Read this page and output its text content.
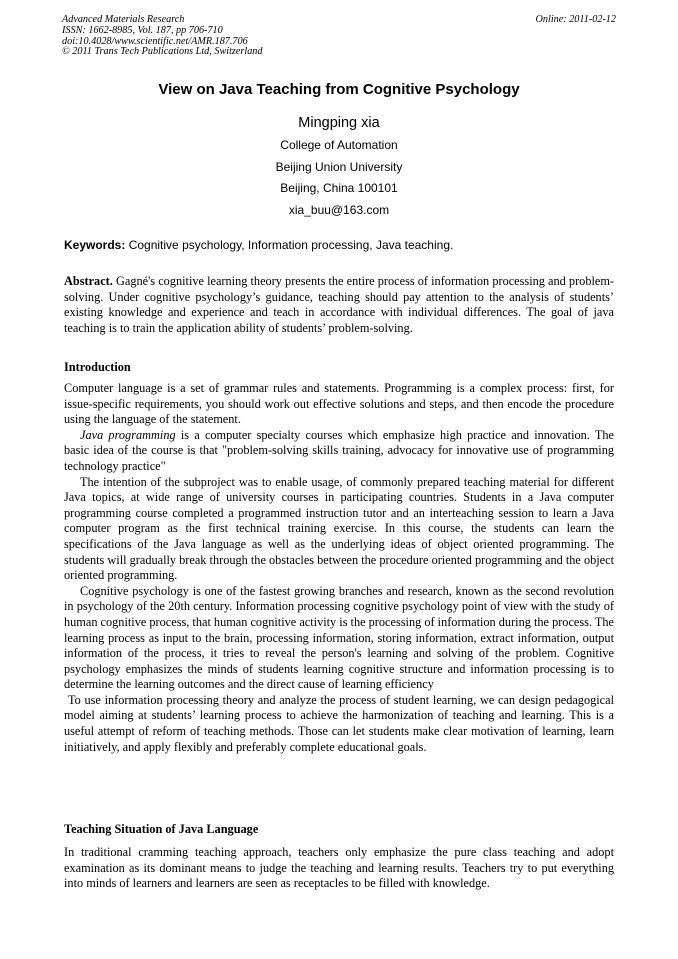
Advanced Materials Research
ISSN: 1662-8985, Vol. 187, pp 706-710
doi:10.4028/www.scientific.net/AMR.187.706
© 2011 Trans Tech Publications Ltd, Switzerland
Online: 2011-02-12
View on Java Teaching from Cognitive Psychology
Mingping xia
College of Automation
Beijing Union University
Beijing, China 100101
xia_buu@163.com
Keywords: Cognitive psychology, Information processing, Java teaching.

Abstract. Gagné's cognitive learning theory presents the entire process of information processing and problem-solving. Under cognitive psychology’s guidance, teaching should pay attention to the analysis of students’ existing knowledge and experience and teach in accordance with individual differences. The goal of java teaching is to train the application ability of students’ problem-solving.

Introduction

Computer language is a set of grammar rules and statements. Programming is a complex process: first, for issue-specific requirements, you should work out effective solutions and steps, and then encode the procedure using the language of the statement.

Java programming is a computer specialty courses which emphasize high practice and innovation. The basic idea of the course is that "problem-solving skills training, advocacy for innovative use of programming technology practice"

The intention of the subproject was to enable usage, of commonly prepared teaching material for different Java topics, at wide range of university courses in participating countries. Students in a Java computer programming course completed a programmed instruction tutor and an interteaching session to learn a Java computer program as the first technical training exercise. In this course, the students can learn the specifications of the Java language as well as the underlying ideas of object oriented programming. The students will gradually break through the obstacles between the procedure oriented programming and the object oriented programming.

Cognitive psychology is one of the fastest growing branches and research, known as the second revolution in psychology of the 20th century. Information processing cognitive psychology point of view with the study of human cognitive process, that human cognitive activity is the processing of information during the process. The learning process as input to the brain, processing information, storing information, extract information, output information of the process, it tries to reveal the person's learning and solving of the problem. Cognitive psychology emphasizes the minds of students learning cognitive structure and information processing is to determine the learning outcomes and the direct cause of learning efficiency

To use information processing theory and analyze the process of student learning, we can design pedagogical model aiming at students’ learning process to achieve the harmonization of teaching and learning. This is a useful attempt of reform of teaching methods. Those can let students make clear motivation of learning, learn initiatively, and apply flexibly and preferably complete educational goals.

Teaching Situation of Java Language

In traditional cramming teaching approach, teachers only emphasize the pure class teaching and adopt examination as its dominant means to judge the teaching and learning results. Teachers try to put everything into minds of learners and learners are seen as receptacles to be filled with knowledge.
